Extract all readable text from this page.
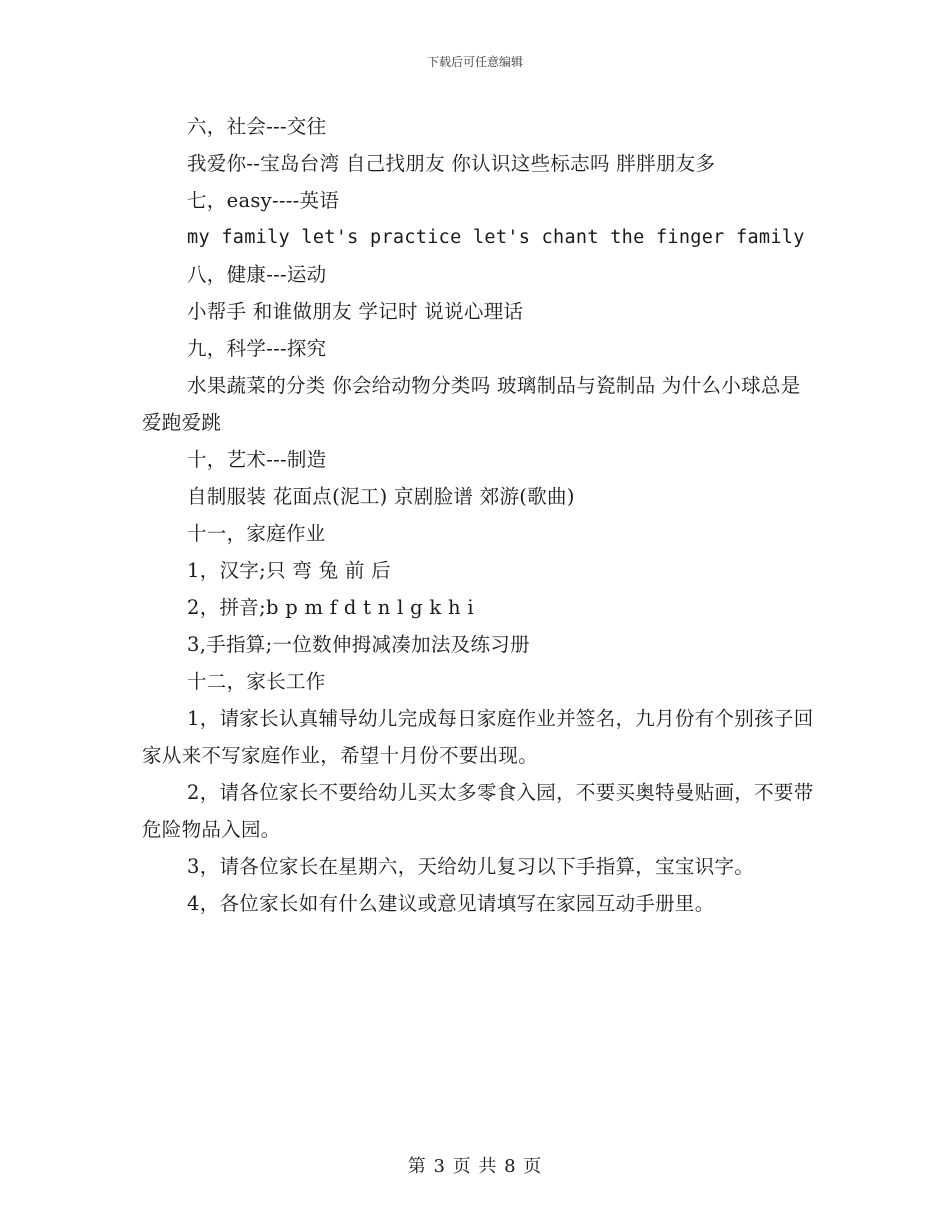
下载后可任意编辑

六，社会---交往

我爱你--宝岛台湾 自己找朋友 你认识这些标志吗 胖胖朋友多

七，easy----英语

my family let's practice let's chant the finger family

八，健康---运动

小帮手 和谁做朋友 学记时 说说心理话

九，科学---探究

水果蔬菜的分类 你会给动物分类吗 玻璃制品与瓷制品 为什么小球总是爱跑爱跳

十，艺术---制造

自制服装 花面点(泥工) 京剧脸谱 郊游(歌曲)

十一，家庭作业

1，汉字;只 弯 兔 前 后

2，拼音;b p m f d t n l g k h i

3,手指算;一位数伸拇减凑加法及练习册

十二，家长工作

1，请家长认真辅导幼儿完成每日家庭作业并签名，九月份有个别孩子回家从来不写家庭作业，希望十月份不要出现。

2，请各位家长不要给幼儿买太多零食入园，不要买奥特曼贴画，不要带危险物品入园。

3，请各位家长在星期六，天给幼儿复习以下手指算，宝宝识字。

4，各位家长如有什么建议或意见请填写在家园互动手册里。

第 3 页 共 8 页
